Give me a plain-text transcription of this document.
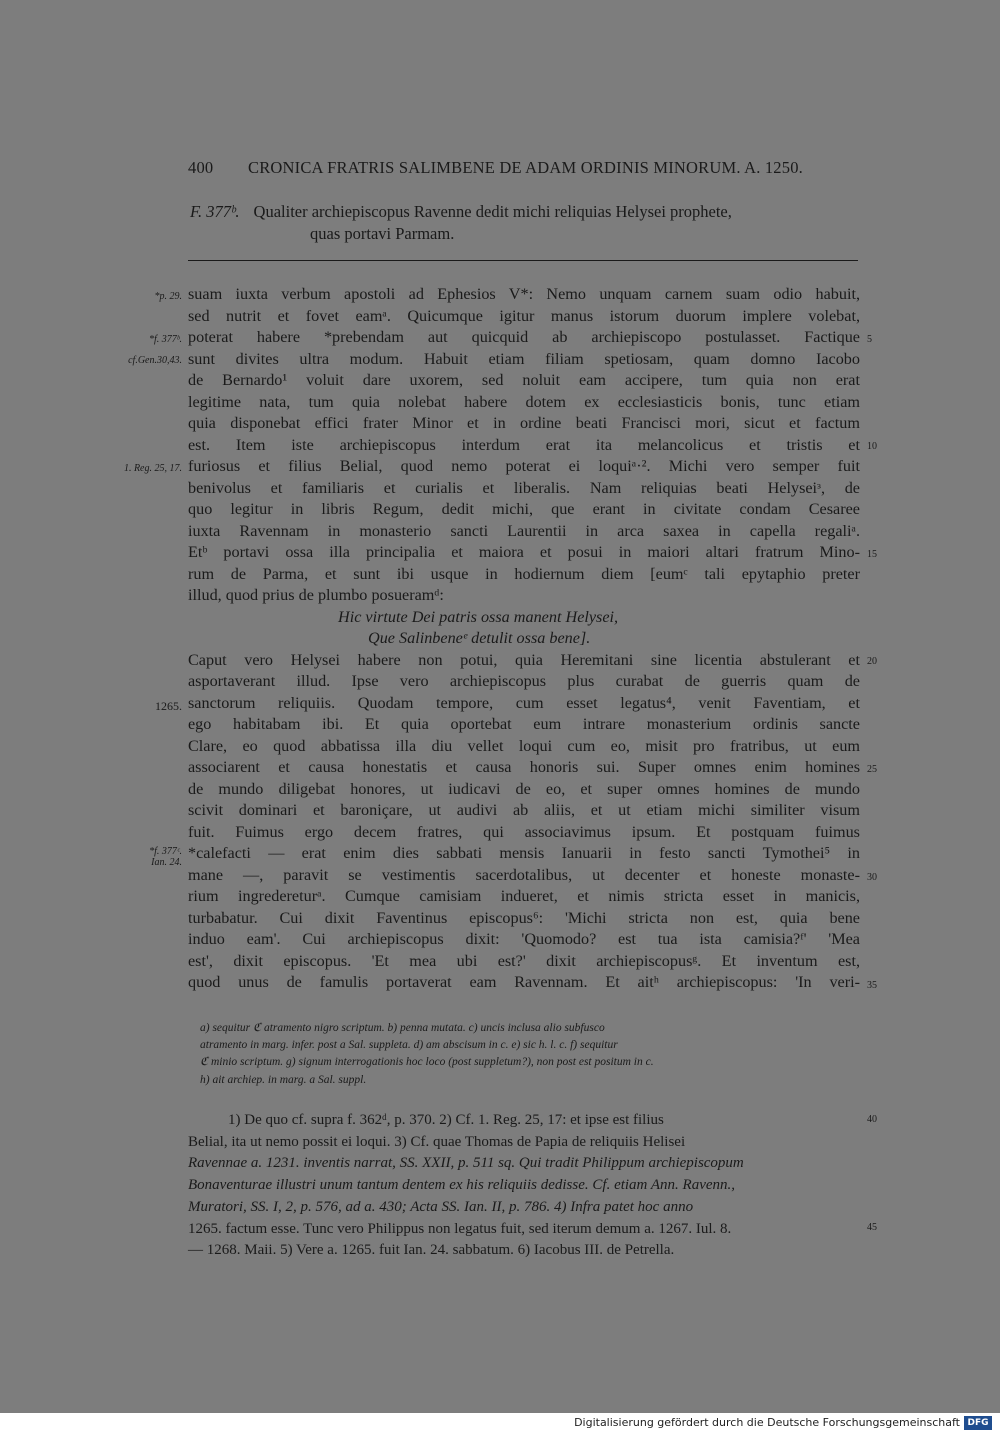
400 CRONICA FRATRIS SALIMBENE DE ADAM ORDINIS MINORUM. A. 1250.
F. 377ᵇ. Qualiter archiepiscopus Ravenne dedit michi reliquias Helysei prophete,
quas portavi Parmam.
suam iuxta verbum apostoli ad Ephesios V*: Nemo unquam carnem suam odio habuit,
sed nutrit et fovet eamᵃ. Quicumque igitur manus istorum duorum implere volebat,
poterat habere *prebendam aut quicquid ab archiepiscopo postulasset. Factique
sunt divites ultra modum. Habuit etiam filiam spetiosam, quam domno Iacobo
de Bernardo¹ voluit dare uxorem, sed noluit eam accipere, tum quia non erat
legitime nata, tum quia nolebat habere dotem ex ecclesiasticis bonis, tunc etiam
quia disponebat effici frater Minor et in ordine beati Francisci mori, sicut et factum
est. Item iste archiepiscopus interdum erat ita melancolicus et tristis et
furiosus et filius Belial, quod nemo poterat ei loquiᵃ·². Michi vero semper fuit
benivolus et familiaris et curialis et liberalis. Nam reliquias beati Helyseiᵌ, de
quo legitur in libris Regum, dedit michi, que erant in civitate condam Cesaree
iuxta Ravennam in monasterio sancti Laurentii in arca saxea in capella regaliᵃ.
Etᵇ portavi ossa illa principalia et maiora et posui in maiori altari fratrum Mino-
rum de Parma, et sunt ibi usque in hodiernum diem [eumᶜ tali epytaphio preter
illud, quod prius de plumbo posueramᵈ:
Hic virtute Dei patris ossa manent Helysei,
Que Salinbeneᵉ detulit ossa bene].
Caput vero Helysei habere non potui, quia Heremitani sine licentia abstulerant et
asportaverant illud. Ipse vero archiepiscopus plus curabat de guerris quam de
sanctorum reliquiis. Quodam tempore, cum esset legatus⁴, venit Faventiam, et
ego habitabam ibi. Et quia oportebat eum intrare monasterium ordinis sancte
Clare, eo quod abbatissa illa diu vellet loqui cum eo, misit pro fratribus, ut eum
associarent et causa honestatis et causa honoris sui. Super omnes enim homines
de mundo diligebat honores, ut iudicavi de eo, et super omnes homines de mundo
scivit dominari et baroniçare, ut audivi ab aliis, et ut etiam michi similiter visum
fuit. Fuimus ergo decem fratres, qui associavimus ipsum. Et postquam fuimus
*calefacti — erat enim dies sabbati mensis Ianuarii in festo sancti Tymothei⁵ in
mane —, paravit se vestimentis sacerdotalibus, ut decenter et honeste monaste-
rium ingredereturᵃ. Cumque camisiam indueret, et nimis stricta esset in manicis,
turbabatur. Cui dixit Faventinus episcopus⁶: 'Michi stricta non est, quia bene
induo eam'. Cui archiepiscopus dixit: 'Quomodo? est tua ista camisia?ᶠ' 'Mea
est', dixit episcopus. 'Et mea ubi est?' dixit archiepiscopusᵍ. Et inventum est,
quod unus de famulis portaverat eam Ravennam. Et aitʰ archiepiscopus: 'In veri-
*p. 29.
*f. 377ᵇ.
cf.Gen.30,43.
1. Reg. 25, 17.
1265.
*f. 377ᶜ.
Ian. 24.
5
10
15
20
25
30
35
40
45
a) sequitur ℭ atramento nigro scriptum. b) penna mutata. c) uncis inclusa alio subfusco
atramento in marg. infer. post a Sal. suppleta. d) am abscisum in c. e) sic h. l. c. f) sequitur
ℭ minio scriptum. g) signum interrogationis hoc loco (post suppletum?), non post est positum in c.
h) ait archiep. in marg. a Sal. suppl.
1) De quo cf. supra f. 362ᵈ, p. 370. 2) Cf. 1. Reg. 25, 17: et ipse est filius
Belial, ita ut nemo possit ei loqui. 3) Cf. quae Thomas de Papia de reliquiis Helisei
Ravennae a. 1231. inventis narrat, SS. XXII, p. 511 sq. Qui tradit Philippum archiepiscopum
Bonaventurae illustri unum tantum dentem ex his reliquiis dedisse. Cf. etiam Ann. Ravenn.,
Muratori, SS. I, 2, p. 576, ad a. 430; Acta SS. Ian. II, p. 786. 4) Infra patet hoc anno
1265. factum esse. Tunc vero Philippus non legatus fuit, sed iterum demum a. 1267. Iul. 8.
— 1268. Maii. 5) Vere a. 1265. fuit Ian. 24. sabbatum. 6) Iacobus III. de Petrella.
Digitalisierung gefördert durch die Deutsche Forschungsgemeinschaft DFG
